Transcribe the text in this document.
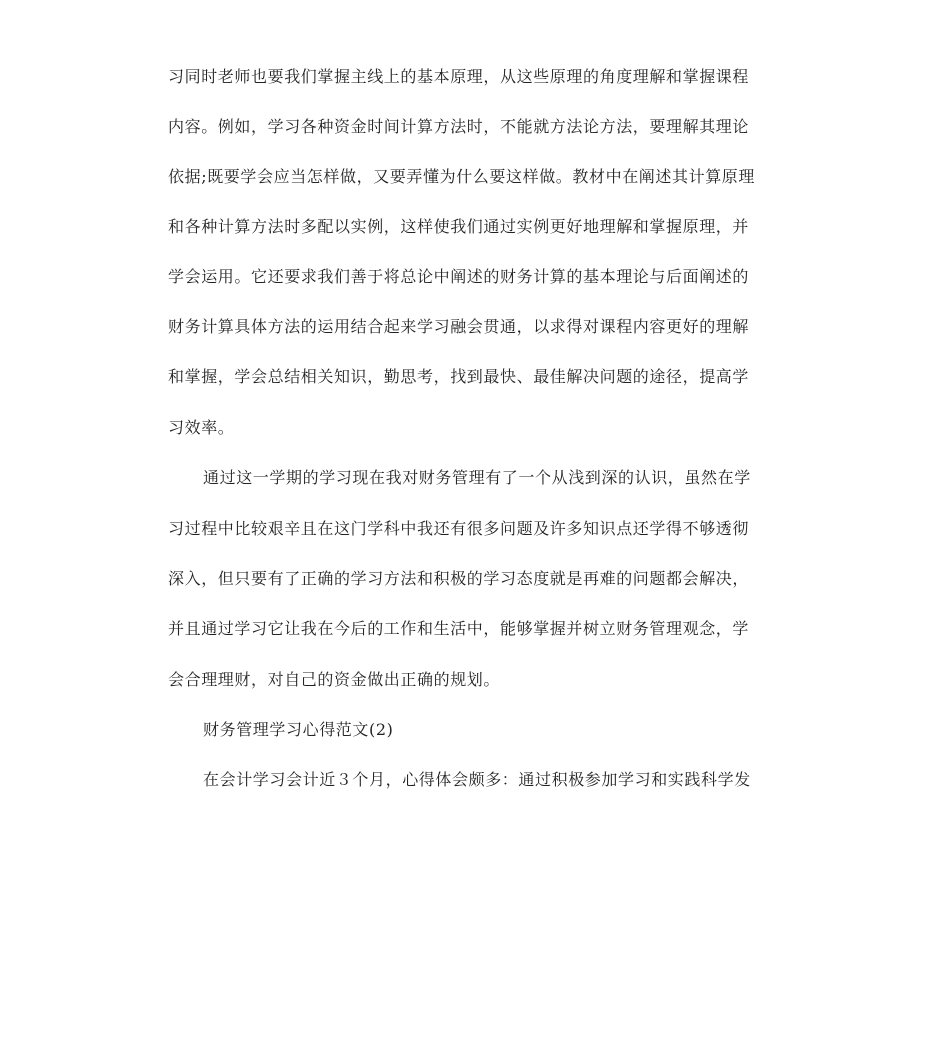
习同时老师也要我们掌握主线上的基本原理，从这些原理的角度理解和掌握课程
内容。例如，学习各种资金时间计算方法时，不能就方法论方法，要理解其理论
依据;既要学会应当怎样做，又要弄懂为什么要这样做。教材中在阐述其计算原理
和各种计算方法时多配以实例，这样使我们通过实例更好地理解和掌握原理，并
学会运用。它还要求我们善于将总论中阐述的财务计算的基本理论与后面阐述的
财务计算具体方法的运用结合起来学习融会贯通，以求得对课程内容更好的理解
和掌握，学会总结相关知识，勤思考，找到最快、最佳解决问题的途径，提高学
习效率。
通过这一学期的学习现在我对财务管理有了一个从浅到深的认识，虽然在学
习过程中比较艰辛且在这门学科中我还有很多问题及许多知识点还学得不够透彻
深入，但只要有了正确的学习方法和积极的学习态度就是再难的问题都会解决，
并且通过学习它让我在今后的工作和生活中，能够掌握并树立财务管理观念，学
会合理理财，对自己的资金做出正确的规划。
财务管理学习心得范文(2)
在会计学习会计近３个月，心得体会颇多：通过积极参加学习和实践科学发
